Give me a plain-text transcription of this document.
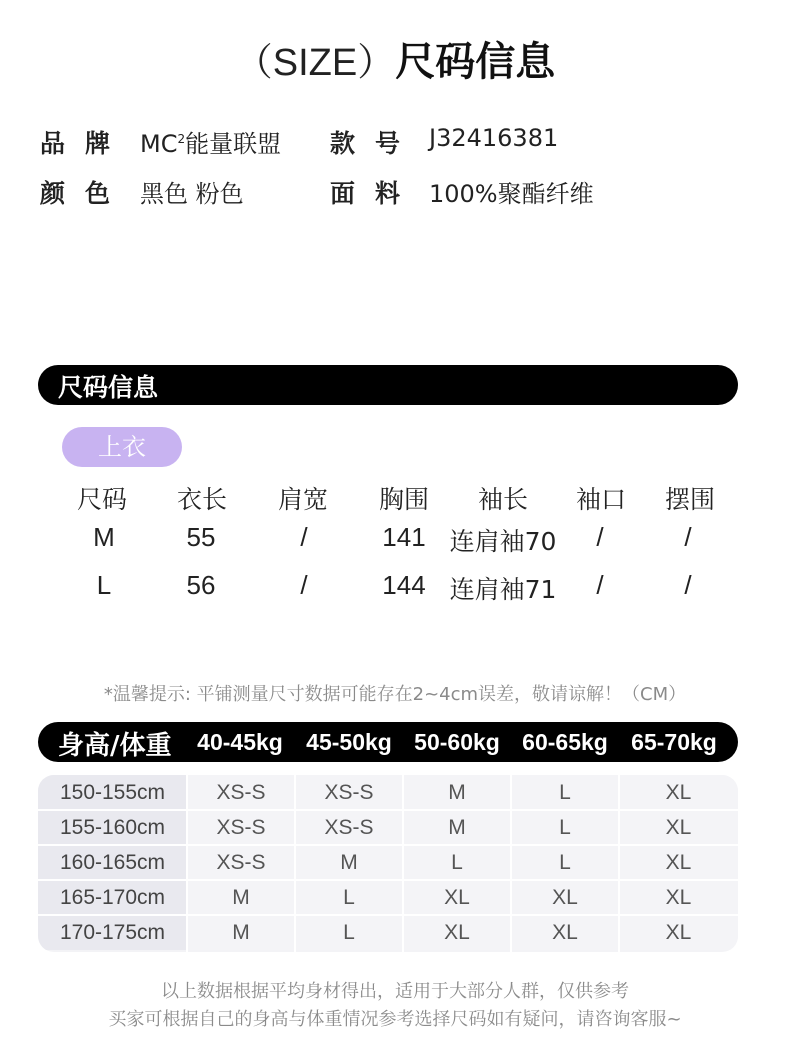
（SIZE）尺码信息
品牌 $MC^2$能量联盟 款号 J32416381
颜色 黑色 粉色	面料 100%聚酯纤维
尺码信息
上衣
尺码 衣长 肩宽 胸围 袖长 袖口 摆围
M	55	/	141 连肩袖70 /	/
L	56	/	144 连肩袖71 /	/
*温馨提示: 平铺测量尺寸数据可能存在2~4cm误差，敬请谅解！（CM）
身高/体重 40-45kg 45-50kg 50-60kg 60-65kg 65-70kg
150-155cm	XS-S	XS-S	M	L	XL
155-160cm	XS-S	XS-S	M	L	XL
160-165cm	XS-S	M	L	L	XL
165-170cm	M	L	XL	XL	XL
170-175cm	M	L	XL	XL	XL
以上数据根据平均身材得出，适用于大部分人群，仅供参考
买家可根据自己的身高与体重情况参考选择尺码如有疑问，请咨询客服~
